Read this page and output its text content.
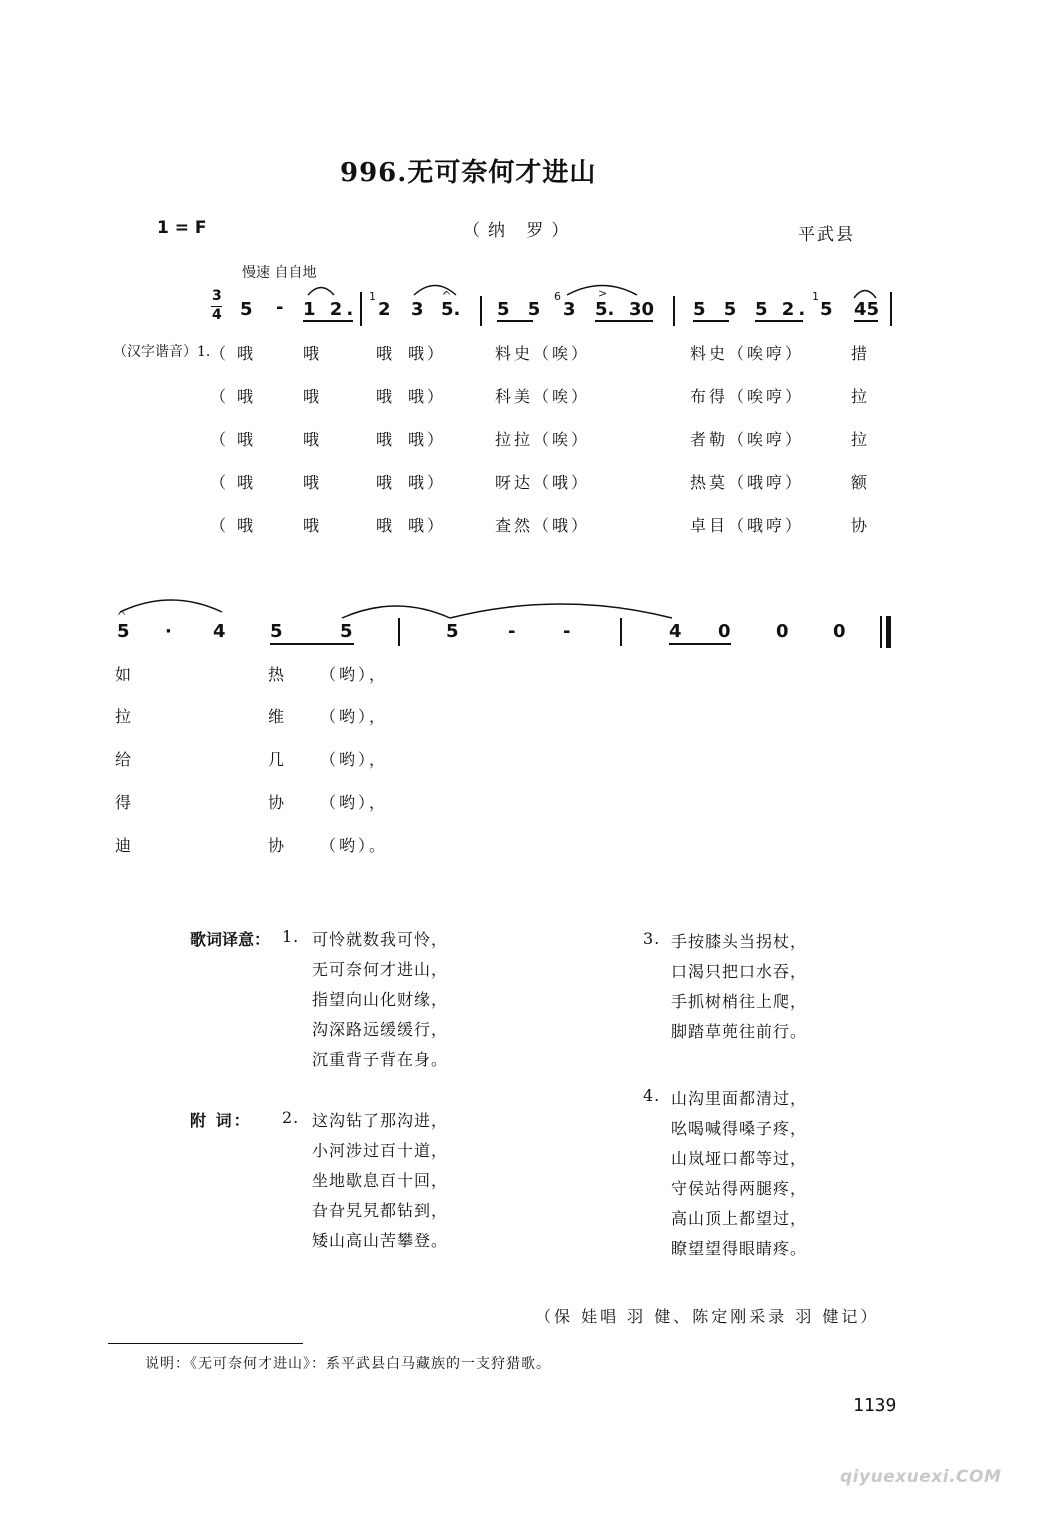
996.无可奈何才进山
1 = F	（纳 罗）	平武县
慢速 自自地
3
4 5 - 1 2.
1
2 3 5.
ᨈ
5 5
6
3 5. 30
>
5 5 5 2.
1
5 45
（汉字谐音）1. （ 哦	哦	哦 哦）	料史（唉）	料史（唉哼）	措
（ 哦	哦	哦 哦）	科美（唉）	布得（唉哼）	拉
（ 哦	哦	哦 哦）	拉拉（唉）	者勒（唉哼）	拉
（ 哦	哦	哦 哦）	呀达（哦）	热莫（哦哼）	额
（ 哦	哦	哦 哦）	查然（哦）	卓目（哦哼）	协
ᨈ
5 · 4 5	5	5	-	-	4 0	0 0
如	热 （哟），
拉	维 （哟），
给	几 （哟），
得	协 （哟），
迪	协 （哟）。
歌词译意： 1. 可怜就数我可怜，
无可奈何才进山，
指望向山化财缘，
沟深路远缓缓行，
沉重背子背在身。
3. 手按膝头当拐杖，
口渴只把口水吞，
手抓树梢往上爬，
脚踏草蔸往前行。
附 词： 2. 这沟钻了那沟进，
小河涉过百十道，
坐地歇息百十回，
旮旮旯旯都钻到，
矮山高山苦攀登。
4. 山沟里面都清过，
吆喝喊得嗓子疼，
山岚垭口都等过，
守侯站得两腿疼，
高山顶上都望过，
瞭望望得眼睛疼。
（保 娃唱 羽 健、陈定刚采录 羽 健记）
说明：《无可奈何才进山》：系平武县白马藏族的一支狩猎歌。
1139
qiyuexuexi.COM
